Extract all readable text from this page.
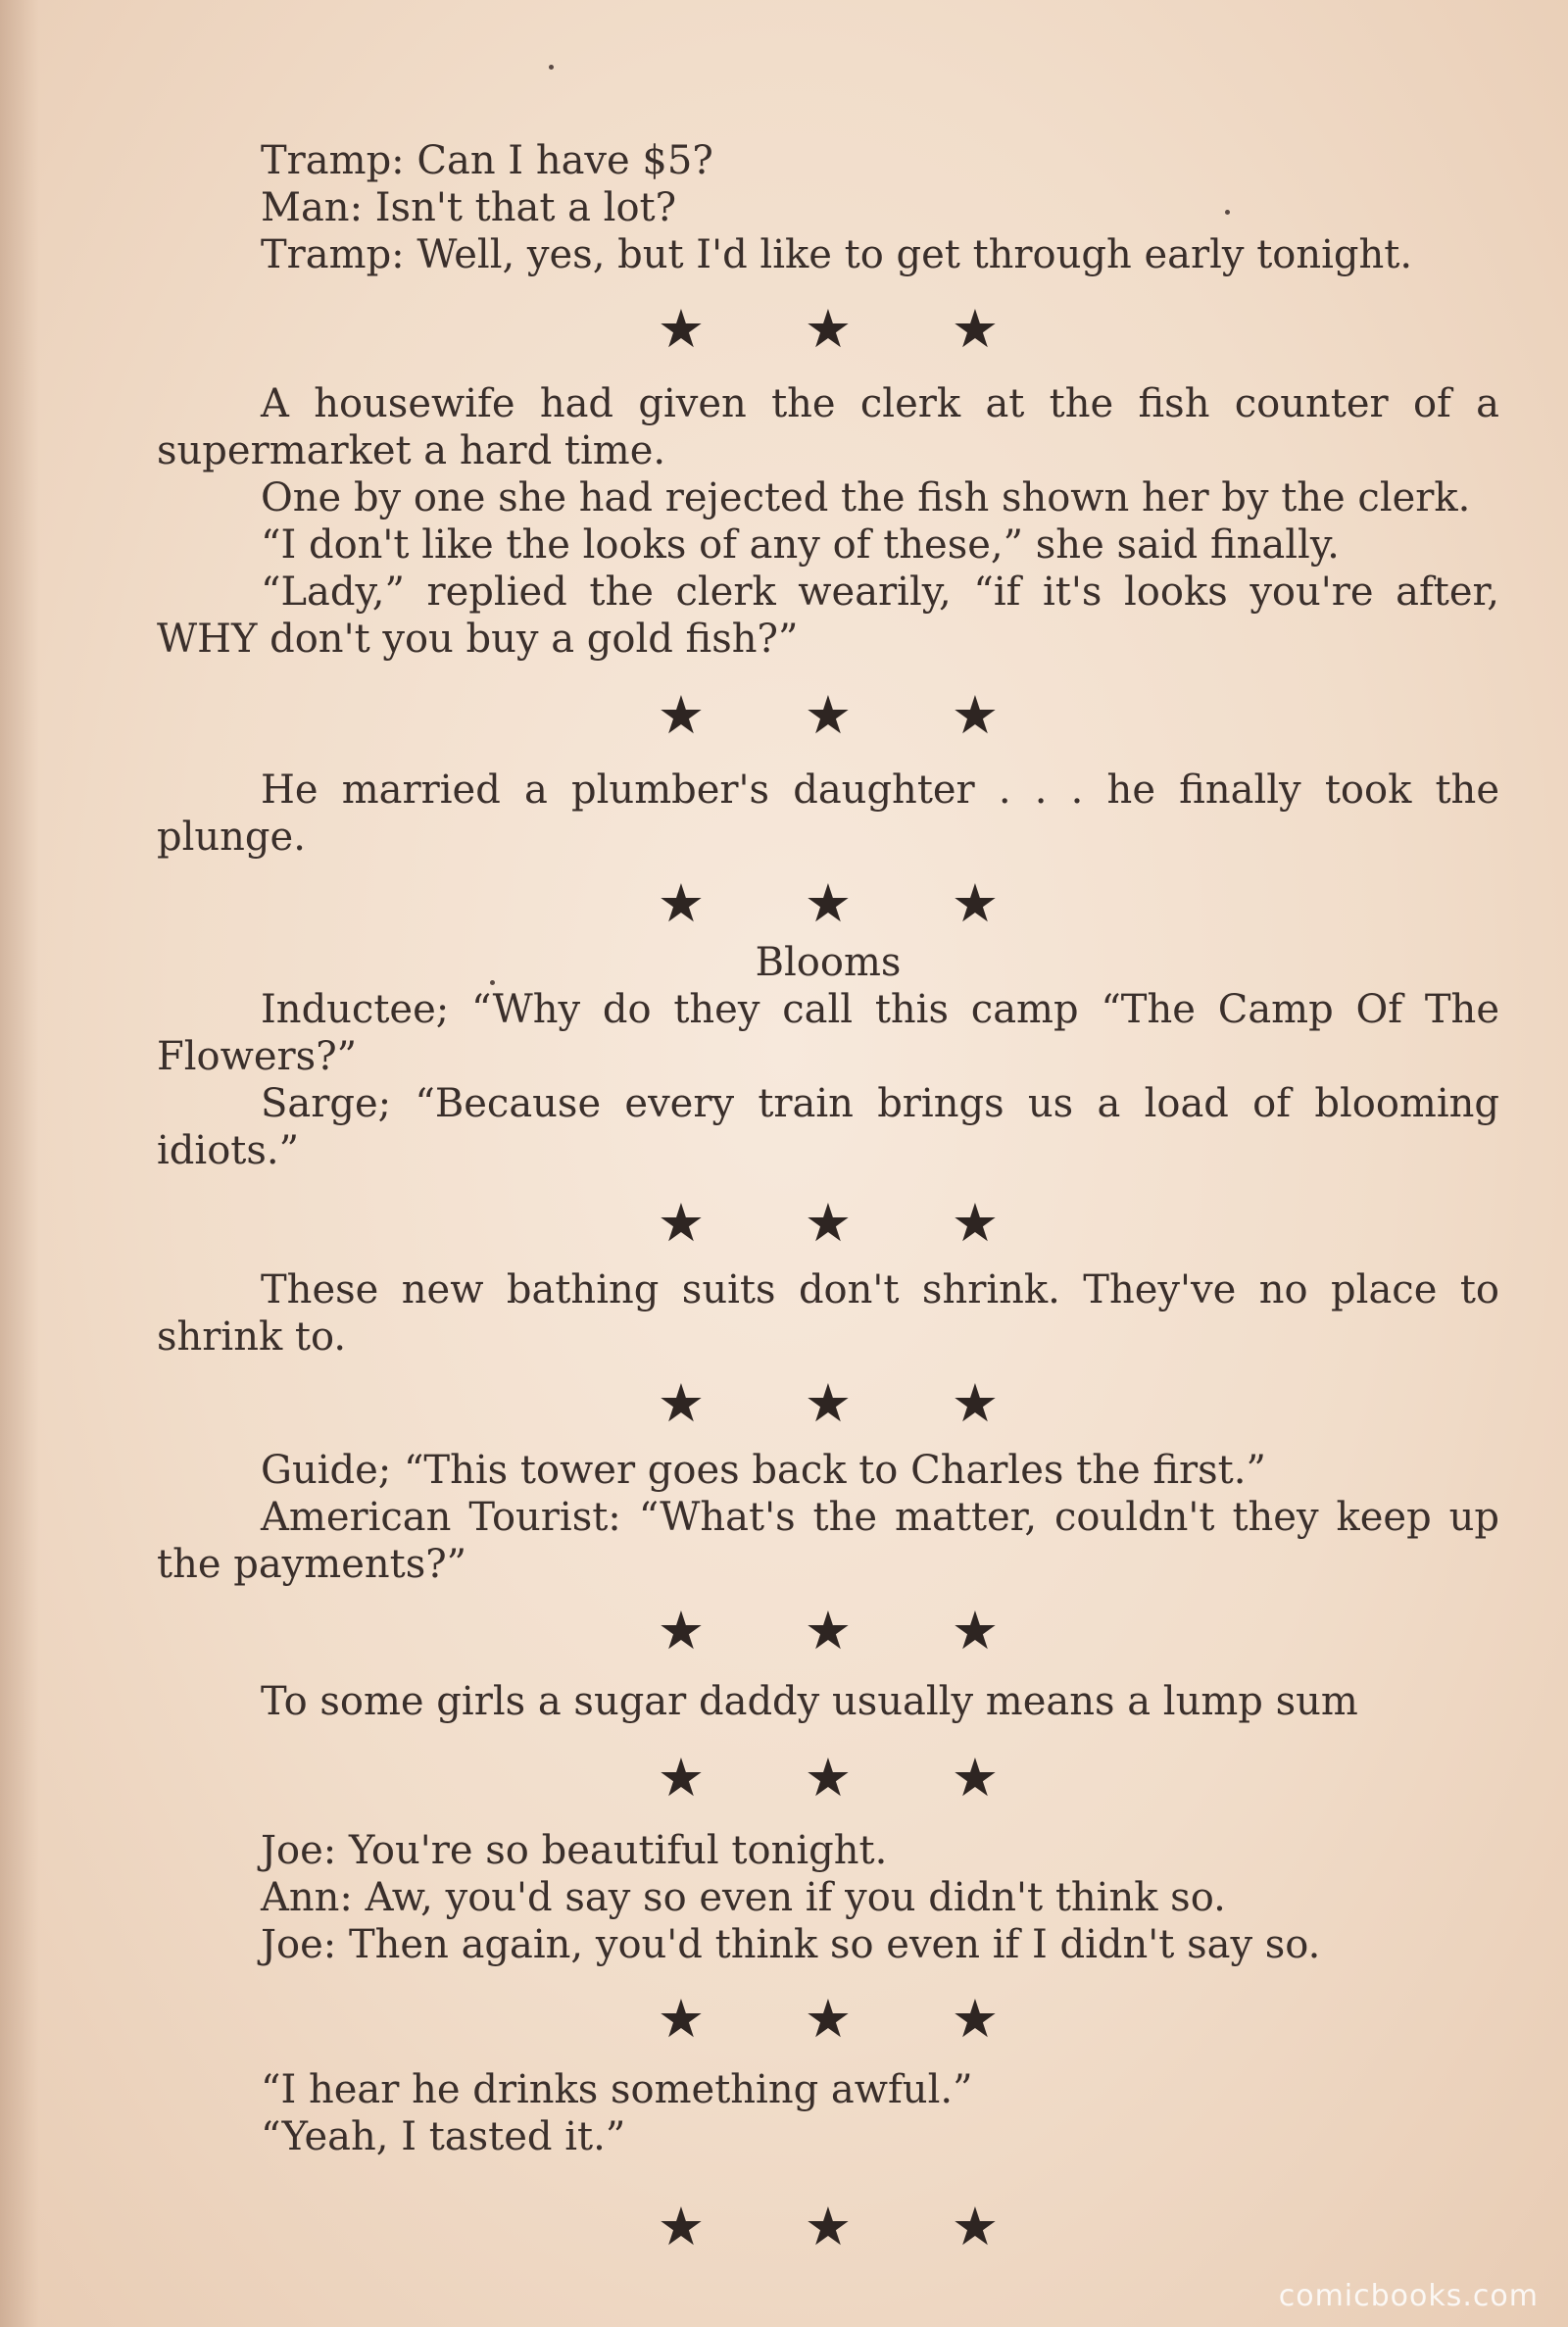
Tramp: Can I have $5?

Man: Isn't that a lot?

Tramp: Well, yes, but I'd like to get through early tonight.

★ ★ ★

A housewife had given the clerk at the fish counter of a supermarket a hard time.

One by one she had rejected the fish shown her by the clerk.

“I don't like the looks of any of these,” she said finally.

“Lady,” replied the clerk wearily, “if it's looks you're after, WHY don't you buy a gold fish?”

★ ★ ★

He married a plumber's daughter . . . he finally took the plunge.

★ ★ ★

Blooms

Inductee; “Why do they call this camp “The Camp Of The Flowers?”

Sarge; “Because every train brings us a load of blooming idiots.”

★ ★ ★

These new bathing suits don't shrink. They've no place to shrink to.

★ ★ ★

Guide; “This tower goes back to Charles the first.”

American Tourist: “What's the matter, couldn't they keep up the payments?”

★ ★ ★

To some girls a sugar daddy usually means a lump sum

★ ★ ★

Joe: You're so beautiful tonight.

Ann: Aw, you'd say so even if you didn't think so.

Joe: Then again, you'd think so even if I didn't say so.

★ ★ ★

“I hear he drinks something awful.”

“Yeah, I tasted it.”

★ ★ ★
comicbooks.com
